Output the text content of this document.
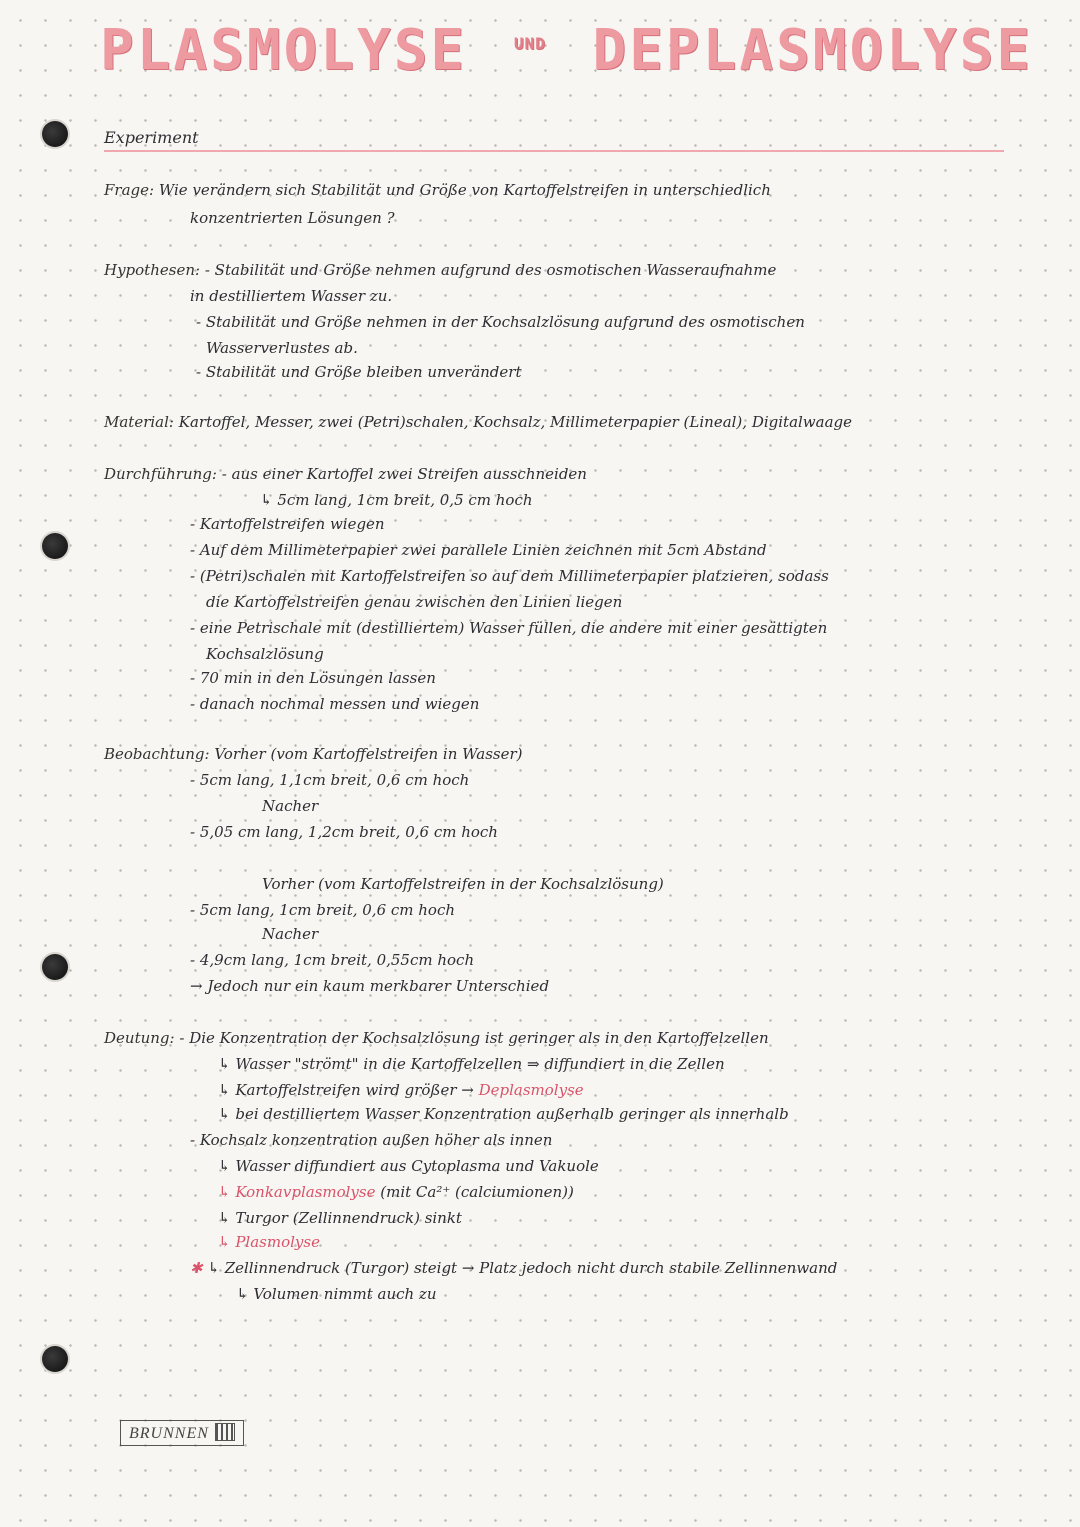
PLASMOLYSE	$^{UND}$ DEPLASMOLYSE
Experiment
Frage: Wie verändern sich Stabilität und Größe von Kartoffelstreifen in unterschiedlich
konzentrierten Lösungen ?
Hypothesen: - Stabilität und Größe nehmen aufgrund des osmotischen Wasseraufnahme
in destilliertem Wasser zu.
- Stabilität und Größe nehmen in der Kochsalzlösung aufgrund des osmotischen
Wasserverlustes ab.
- Stabilität und Größe bleiben unverändert
Material: Kartoffel, Messer, zwei (Petri)schalen, Kochsalz, Millimeterpapier (Lineal), Digitalwaage
Durchführung: - aus einer Kartoffel zwei Streifen ausschneiden
↳ 5cm lang, 1cm breit, 0,5 cm hoch
- Kartoffelstreifen wiegen
- Auf dem Millimeterpapier zwei parallele Linien zeichnen mit 5cm Abstand
- (Petri)schalen mit Kartoffelstreifen so auf dem Millimeterpapier platzieren, sodass
die Kartoffelstreifen genau zwischen den Linien liegen
- eine Petrischale mit (destilliertem) Wasser füllen, die andere mit einer gesättigten
Kochsalzlösung
- 70 min in den Lösungen lassen
- danach nochmal messen und wiegen
Beobachtung: Vorher (vom Kartoffelstreifen in Wasser)
- 5cm lang, 1,1cm breit, 0,6 cm hoch
Nacher
- 5,05 cm lang, 1,2cm breit, 0,6 cm hoch
Vorher (vom Kartoffelstreifen in der Kochsalzlösung)
- 5cm lang, 1cm breit, 0,6 cm hoch
Nacher
- 4,9cm lang, 1cm breit, 0,55cm hoch
→ Jedoch nur ein kaum merkbarer Unterschied
Deutung: - Die Konzentration der Kochsalzlösung ist geringer als in den Kartoffelzellen
↳ Wasser "strömt" in die Kartoffelzellen ⇒ diffundiert in die Zellen
↳ Kartoffelstreifen wird größer → Deplasmolyse
↳ bei destilliertem Wasser Konzentration außerhalb geringer als innerhalb
- Kochsalz konzentration außen höher als innen
↳ Wasser diffundiert aus Cytoplasma und Vakuole
↳ Konkavplasmolyse (mit Ca²⁺ (calciumionen))
↳ Turgor (Zellinnendruck) sinkt
↳ Plasmolyse
✱ ↳ Zellinnendruck (Turgor) steigt → Platz jedoch nicht durch stabile Zellinnenwand
↳ Volumen nimmt auch zu
BRUNNEN
